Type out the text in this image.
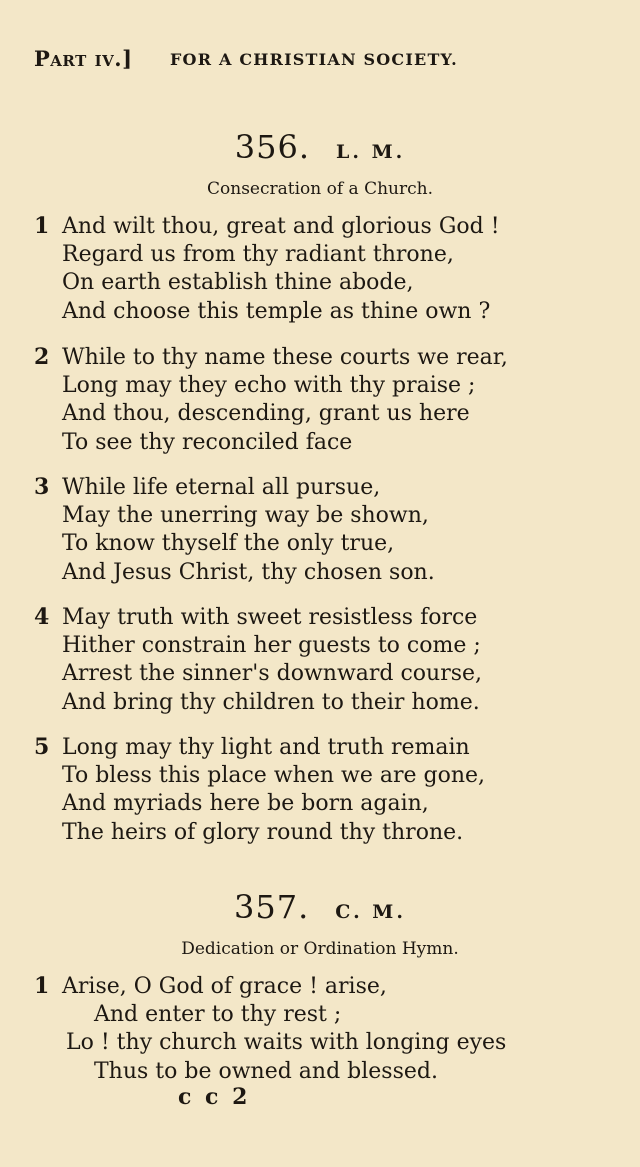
Part iv.] FOR A CHRISTIAN SOCIETY.
356. L. M.
Consecration of a Church.
1 And wilt thou, great and glorious God !
Regard us from thy radiant throne,
On earth establish thine abode,
And choose this temple as thine own ?
2 While to thy name these courts we rear,
Long may they echo with thy praise ;
And thou, descending, grant us here
To see thy reconciled face
3 While life eternal all pursue,
May the unerring way be shown,
To know thyself the only true,
And Jesus Christ, thy chosen son.
4 May truth with sweet resistless force
Hither constrain her guests to come ;
Arrest the sinner's downward course,
And bring thy children to their home.
5 Long may thy light and truth remain
To bless this place when we are gone,
And myriads here be born again,
The heirs of glory round thy throne.
357. C. M.
Dedication or Ordination Hymn.
1 Arise, O God of grace ! arise,
And enter to thy rest ;
Lo ! thy church waits with longing eyes
Thus to be owned and blessed.
c c 2
